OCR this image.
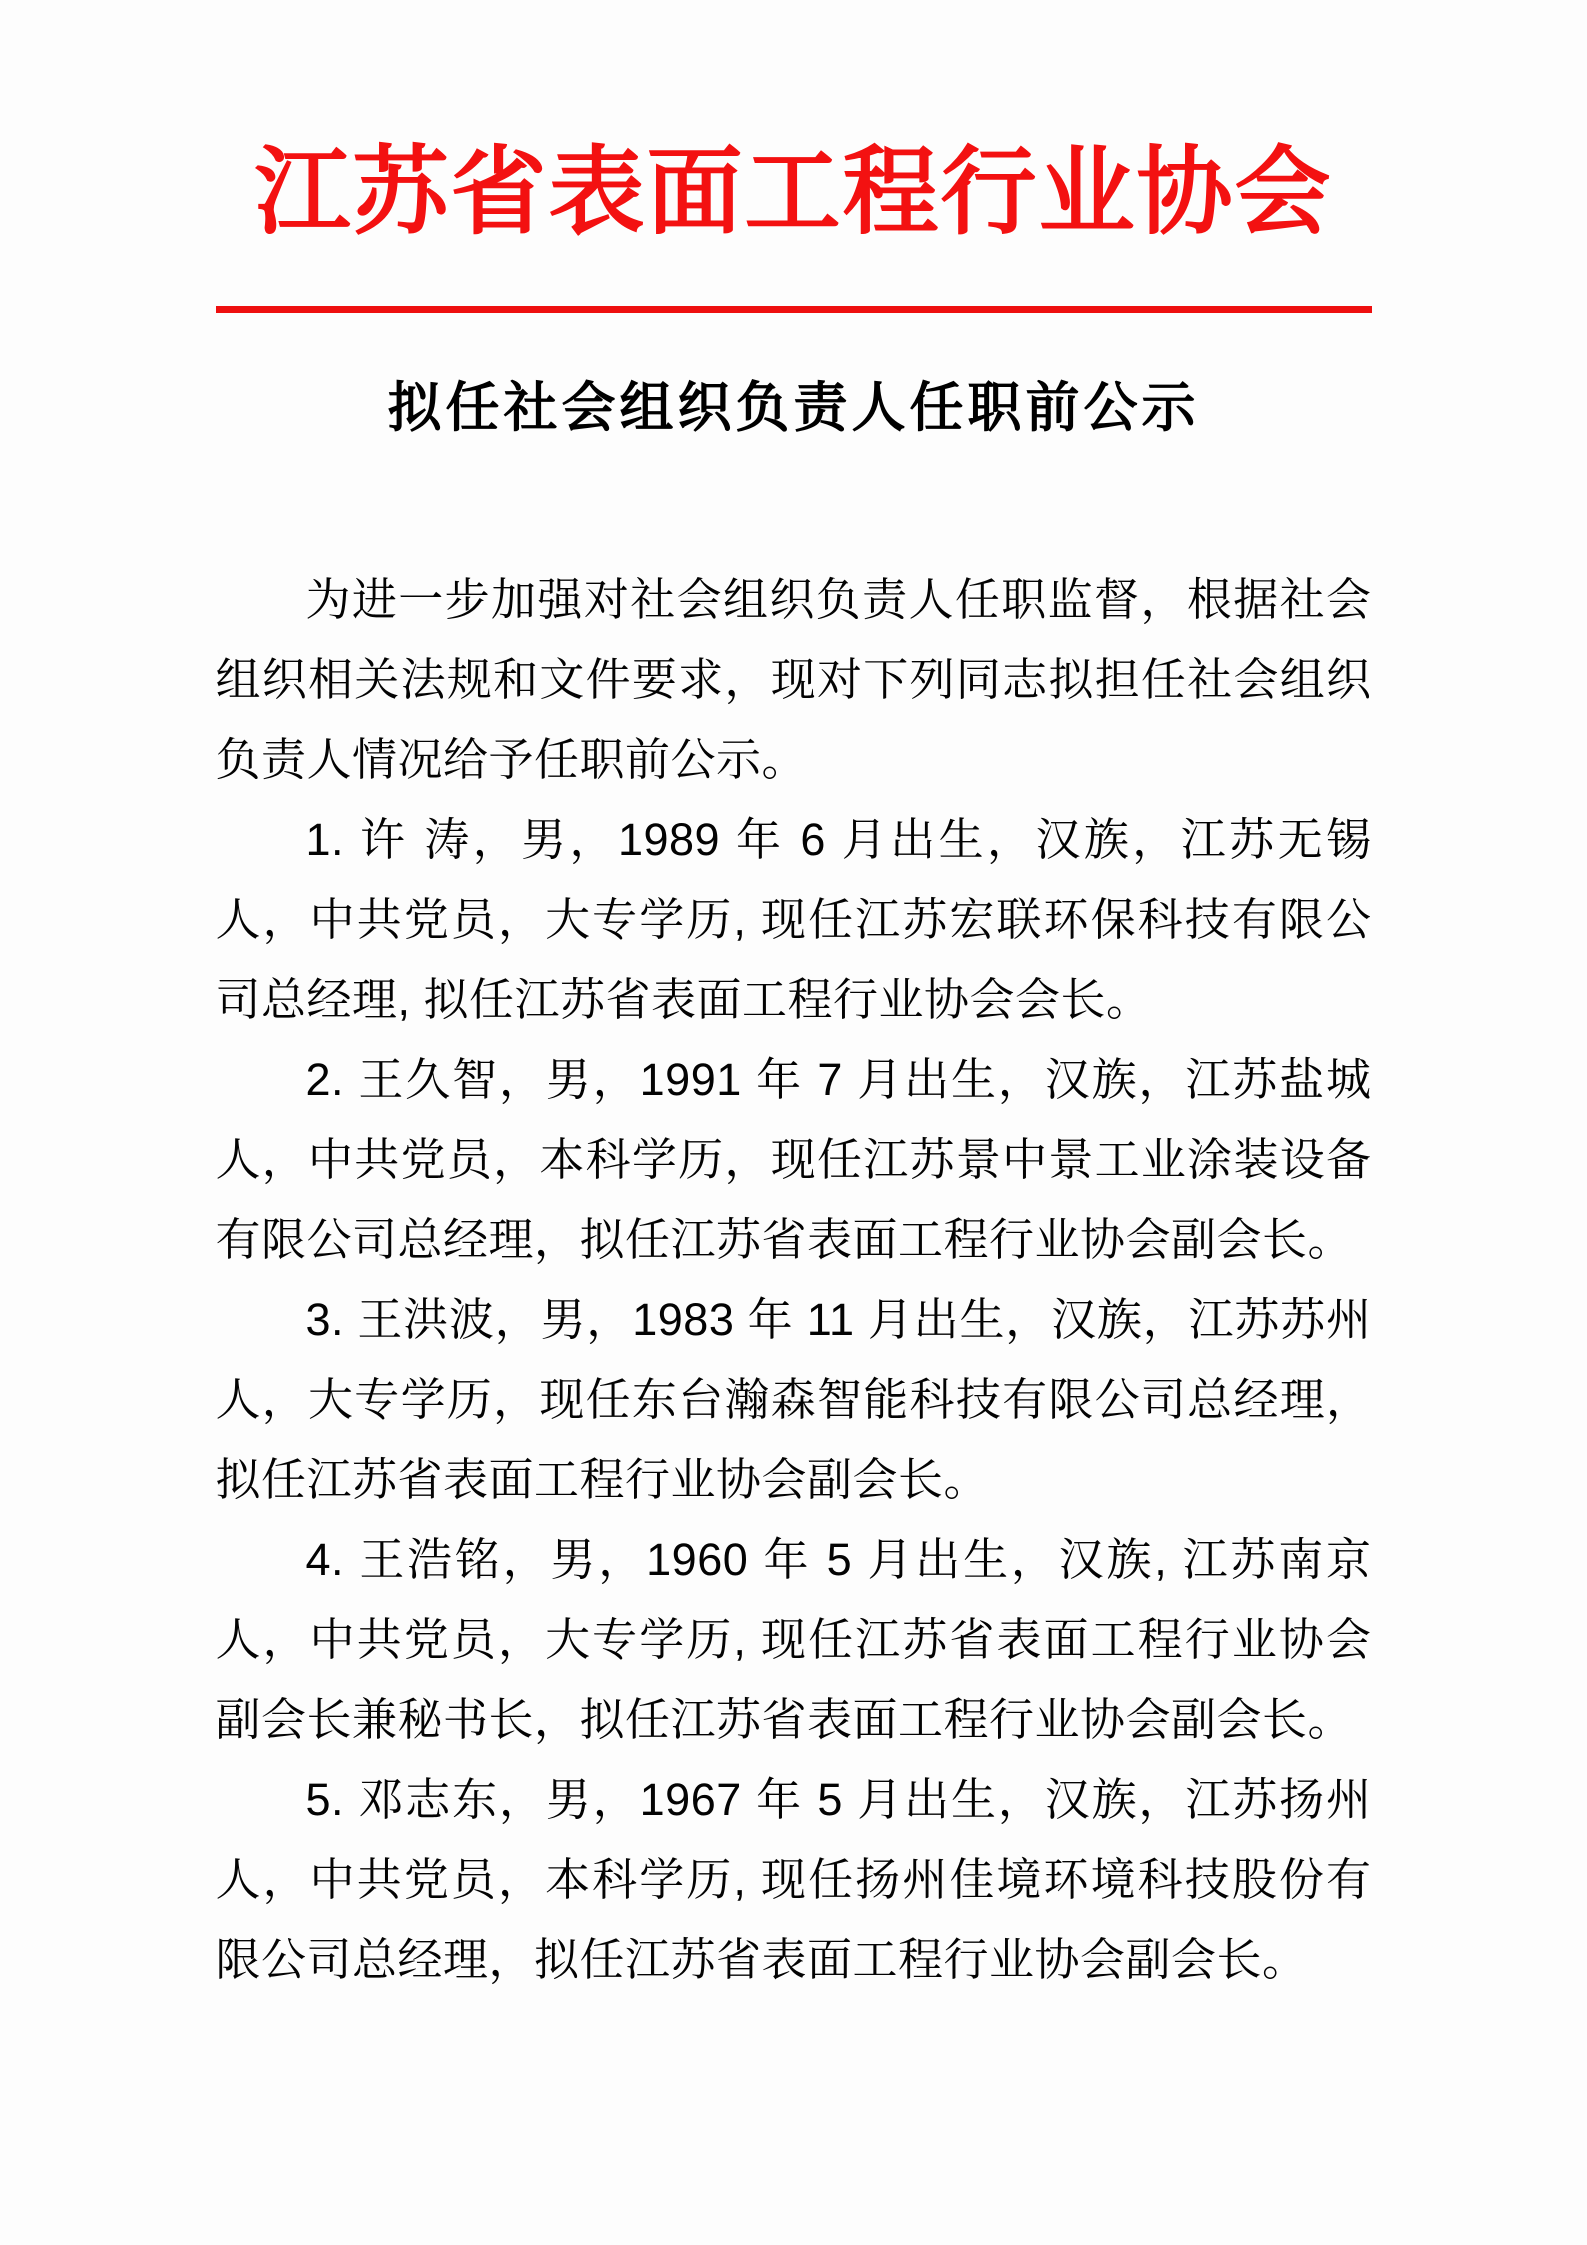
江苏省表面工程行业协会
拟任社会组织负责人任职前公示

为进一步加强对社会组织负责人任职监督，根据社会组织相关法规和文件要求，现对下列同志拟担任社会组织负责人情况给予任职前公示。

1. 许 涛，男，1989 年 6 月出生，汉族，江苏无锡人，中共党员，大专学历, 现任江苏宏联环保科技有限公司总经理, 拟任江苏省表面工程行业协会会长。

2. 王久智，男，1991 年 7 月出生，汉族，江苏盐城人，中共党员，本科学历，现任江苏景中景工业涂装设备有限公司总经理，拟任江苏省表面工程行业协会副会长。

3. 王洪波，男，1983 年 11 月出生，汉族，江苏苏州人，大专学历，现任东台瀚森智能科技有限公司总经理，拟任江苏省表面工程行业协会副会长。

4. 王浩铭，男，1960 年 5 月出生，汉族, 江苏南京人，中共党员，大专学历, 现任江苏省表面工程行业协会副会长兼秘书长，拟任江苏省表面工程行业协会副会长。

5. 邓志东，男，1967 年 5 月出生，汉族，江苏扬州人，中共党员，本科学历, 现任扬州佳境环境科技股份有限公司总经理，拟任江苏省表面工程行业协会副会长。
